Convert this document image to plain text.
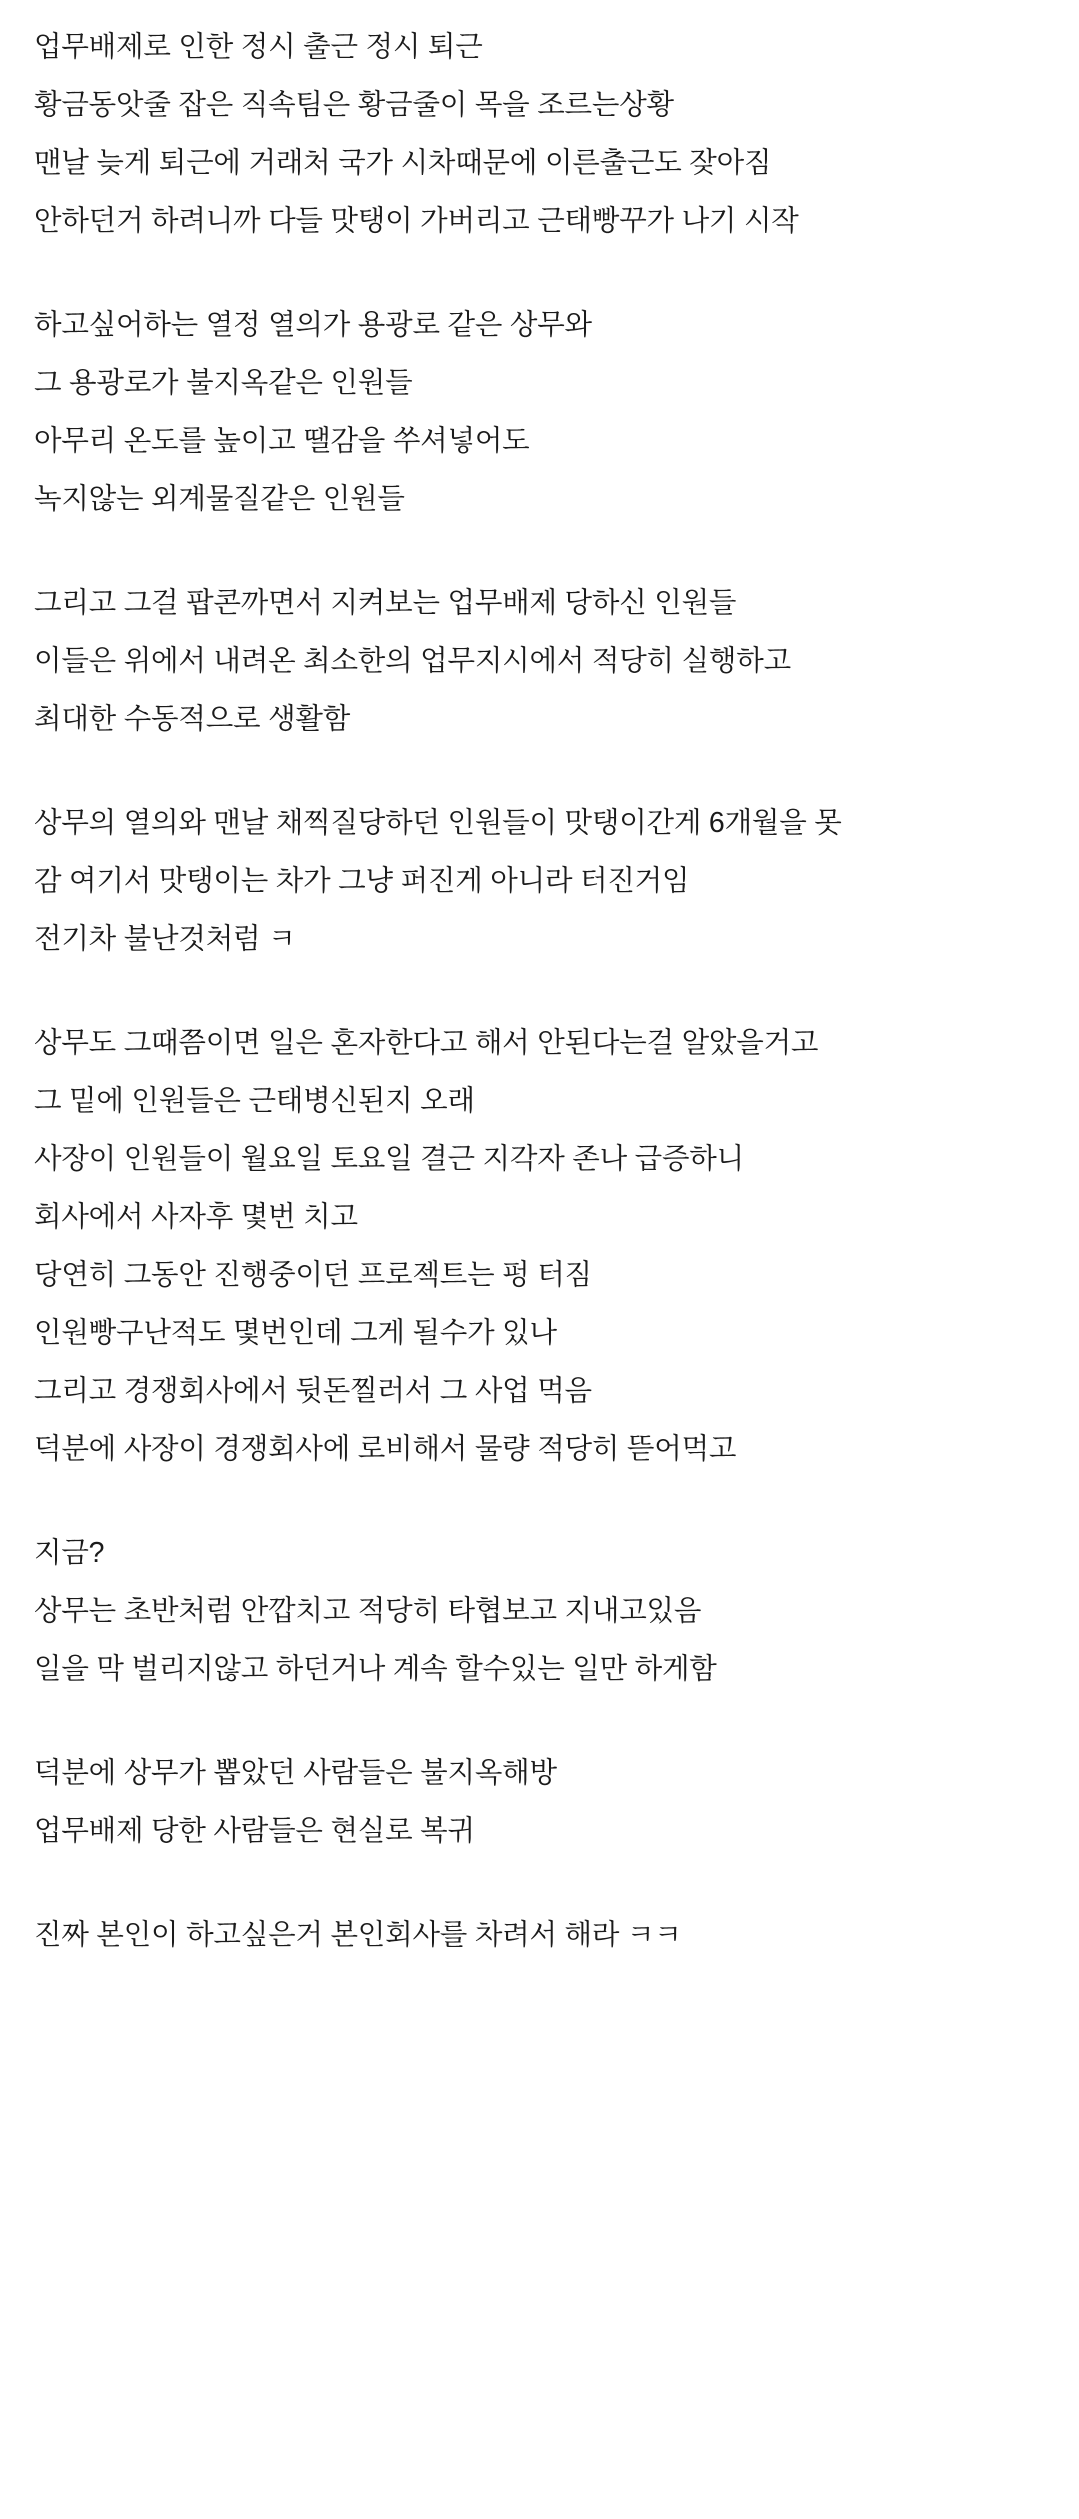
업무배제로 인한 정시 출근 정시 퇴근
황금동앗줄 잡은 직속팀은 황금줄이 목을 조르는상황
맨날 늦게 퇴근에 거래처 국가 시차때문에 이른출근도 잦아짐
안하던거 하려니까 다들 맛탱이 가버리고 근태빵꾸가 나기 시작
하고싶어하는 열정 열의가 용광로 같은 상무와
그 용광로가 불지옥같은 인원들
아무리 온도를 높이고 땔감을 쑤셔넣어도
녹지않는 외계물질같은 인원들
그리고 그걸 팝콘까면서 지켜보는 업무배제 당하신 인원들
이들은 위에서 내려온 최소한의 업무지시에서 적당히 실행하고
최대한 수동적으로 생활함
상무의 열의와 맨날 채찍질당하던 인원들이 맛탱이간게 6개월을 못
감 여기서 맛탱이는 차가 그냥 퍼진게 아니라 터진거임
전기차 불난것처럼 ㅋ
상무도 그때쯤이면 일은 혼자한다고 해서 안된다는걸 알았을거고
그 밑에 인원들은 근태병신된지 오래
사장이 인원들이 월요일 토요일 결근 지각자 존나 급증하니
회사에서 사자후 몇번 치고
당연히 그동안 진행중이던 프로젝트는 펑 터짐
인원빵구난적도 몇번인데 그게 될수가 있나
그리고 경쟁회사에서 뒷돈찔러서 그 사업 먹음
덕분에 사장이 경쟁회사에 로비해서 물량 적당히 뜯어먹고
지금?
상무는 초반처럼 안깝치고 적당히 타협보고 지내고있음
일을 막 벌리지않고 하던거나 계속 할수있는 일만 하게함
덕분에 상무가 뽑았던 사람들은 불지옥해방
업무배제 당한 사람들은 현실로 복귀
진짜 본인이 하고싶은거 본인회사를 차려서 해라 ㅋㅋ
